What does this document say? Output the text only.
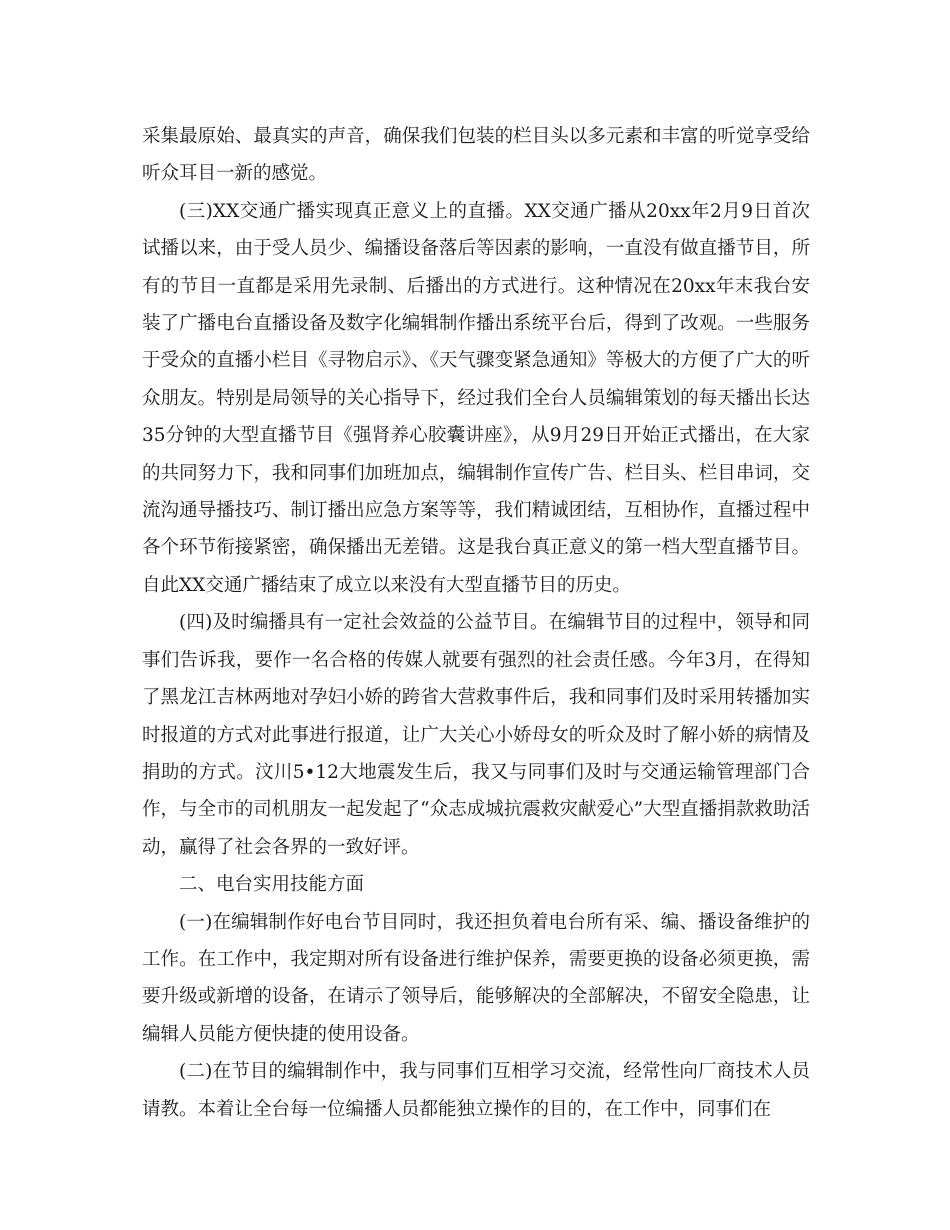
采集最原始、最真实的声音，确保我们包装的栏目头以多元素和丰富的听觉享受给听众耳目一新的感觉。

(三)XX交通广播实现真正意义上的直播。XX交通广播从20xx年2月9日首次试播以来，由于受人员少、编播设备落后等因素的影响，一直没有做直播节目，所有的节目一直都是采用先录制、后播出的方式进行。这种情况在20xx年末我台安装了广播电台直播设备及数字化编辑制作播出系统平台后，得到了改观。一些服务于受众的直播小栏目《寻物启示》、《天气骤变紧急通知》等极大的方便了广大的听众朋友。特别是局领导的关心指导下，经过我们全台人员编辑策划的每天播出长达35分钟的大型直播节目《强肾养心胶囊讲座》，从9月29日开始正式播出，在大家的共同努力下，我和同事们加班加点，编辑制作宣传广告、栏目头、栏目串词，交流沟通导播技巧、制订播出应急方案等等，我们精诚团结，互相协作，直播过程中各个环节衔接紧密，确保播出无差错。这是我台真正意义的第一档大型直播节目。自此XX交通广播结束了成立以来没有大型直播节目的历史。

(四)及时编播具有一定社会效益的公益节目。在编辑节目的过程中，领导和同事们告诉我，要作一名合格的传媒人就要有强烈的社会责任感。今年3月，在得知了黑龙江吉林两地对孕妇小娇的跨省大营救事件后，我和同事们及时采用转播加实时报道的方式对此事进行报道，让广大关心小娇母女的听众及时了解小娇的病情及捐助的方式。汶川5•12大地震发生后，我又与同事们及时与交通运输管理部门合作，与全市的司机朋友一起发起了“众志成城抗震救灾献爱心”大型直播捐款救助活动，赢得了社会各界的一致好评。

二、电台实用技能方面

(一)在编辑制作好电台节目同时，我还担负着电台所有采、编、播设备维护的工作。在工作中，我定期对所有设备进行维护保养，需要更换的设备必须更换，需要升级或新增的设备，在请示了领导后，能够解决的全部解决，不留安全隐患，让编辑人员能方便快捷的使用设备。

(二)在节目的编辑制作中，我与同事们互相学习交流，经常性向厂商技术人员请教。本着让全台每一位编播人员都能独立操作的目的，在工作中，同事们在
